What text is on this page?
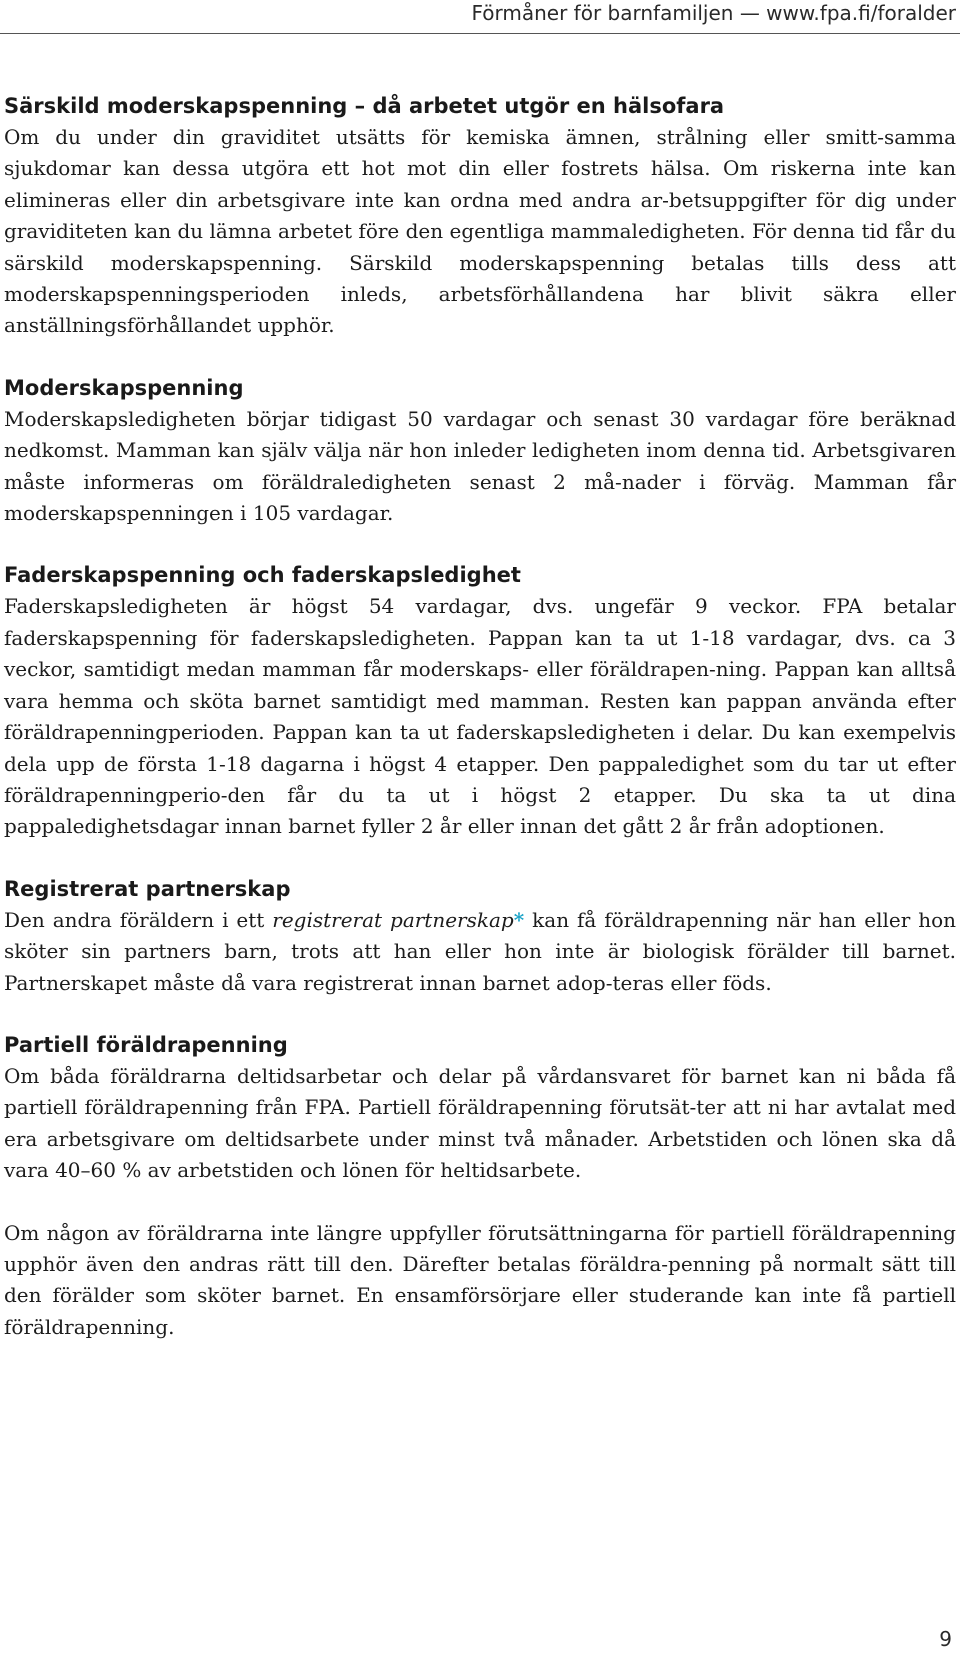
Förmåner för barnfamiljen — www.fpa.fi/foralder
Särskild moderskapspenning – då arbetet utgör en hälsofara

Om du under din graviditet utsätts för kemiska ämnen, strålning eller smitt-samma sjukdomar kan dessa utgöra ett hot mot din eller fostrets hälsa. Om riskerna inte kan elimineras eller din arbetsgivare inte kan ordna med andra ar-betsuppgifter för dig under graviditeten kan du lämna arbetet före den egentliga mammaledigheten. För denna tid får du särskild moderskapspenning. Särskild moderskapspenning betalas tills dess att moderskapspenningsperioden inleds, arbetsförhållandena har blivit säkra eller anställningsförhållandet upphör.

Moderskapspenning

Moderskapsledigheten börjar tidigast 50 vardagar och senast 30 vardagar före beräknad nedkomst. Mamman kan själv välja när hon inleder ledigheten inom denna tid. Arbetsgivaren måste informeras om föräldraledigheten senast 2 må-nader i förväg. Mamman får moderskapspenningen i 105 vardagar.

Faderskapspenning och faderskapsledighet

Faderskapsledigheten är högst 54 vardagar, dvs. ungefär 9 veckor. FPA betalar faderskapspenning för faderskapsledigheten. Pappan kan ta ut 1-18 vardagar, dvs. ca 3 veckor, samtidigt medan mamman får moderskaps- eller föräldrapen-ning. Pappan kan alltså vara hemma och sköta barnet samtidigt med mamman. Resten kan pappan använda efter föräldrapenningperioden. Pappan kan ta ut faderskapsledigheten i delar. Du kan exempelvis dela upp de första 1-18 dagarna i högst 4 etapper. Den pappaledighet som du tar ut efter föräldrapenningperio-den får du ta ut i högst 2 etapper. Du ska ta ut dina pappaledighetsdagar innan barnet fyller 2 år eller innan det gått 2 år från adoptionen.

Registrerat partnerskap

Den andra föräldern i ett registrerat partnerskap* kan få föräldrapenning när han eller hon sköter sin partners barn, trots att han eller hon inte är biologisk förälder till barnet. Partnerskapet måste då vara registrerat innan barnet adop-teras eller föds.

Partiell föräldrapenning

Om båda föräldrarna deltidsarbetar och delar på vårdansvaret för barnet kan ni båda få partiell föräldrapenning från FPA. Partiell föräldrapenning förutsät-ter att ni har avtalat med era arbetsgivare om deltidsarbete under minst två månader. Arbetstiden och lönen ska då vara 40–60 % av arbetstiden och lönen för heltidsarbete.

Om någon av föräldrarna inte längre uppfyller förutsättningarna för partiell föräldrapenning upphör även den andras rätt till den. Därefter betalas föräldra-penning på normalt sätt till den förälder som sköter barnet. En ensamförsörjare eller studerande kan inte få partiell föräldrapenning.

9
